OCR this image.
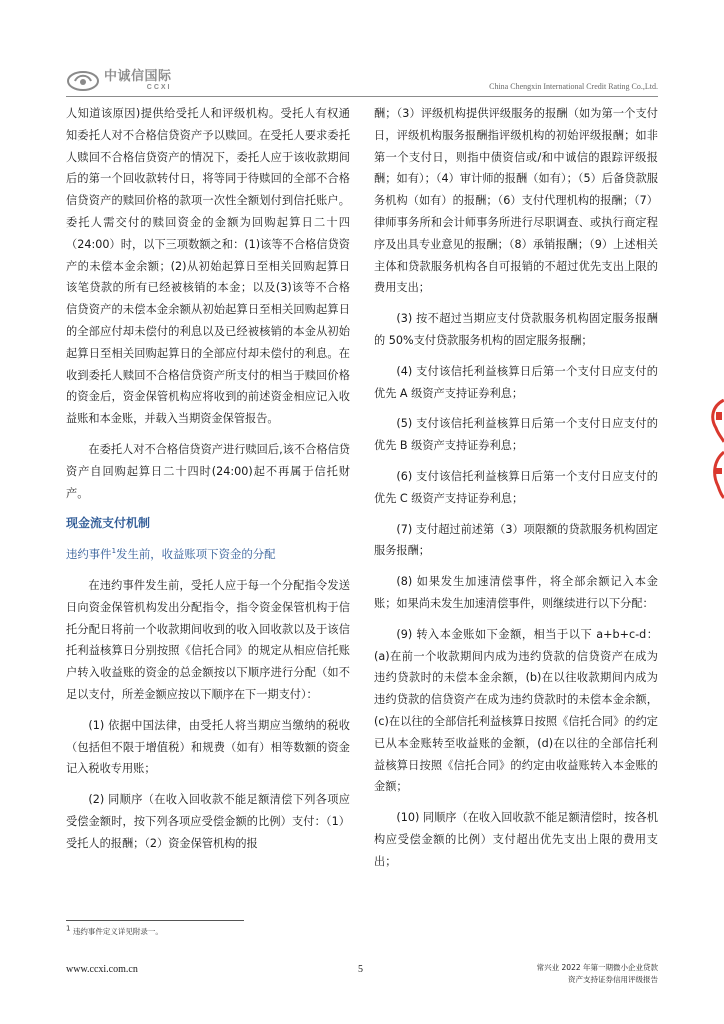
中诚信国际
CCXI	China Chengxin International Credit Rating Co.,Ltd.

人知道该原因)提供给受托人和评级机构。受托人有权通知委托人对不合格信贷资产予以赎回。在受托人要求委托人赎回不合格信贷资产的情况下，委托人应于该收款期间后的第一个回收款转付日，将等同于待赎回的全部不合格信贷资产的赎回价格的款项一次性全额划付到信托账户。委托人需交付的赎回资金的金额为回购起算日二十四（24:00）时，以下三项数额之和：(1)该等不合格信贷资产的未偿本金余额；(2)从初始起算日至相关回购起算日该笔贷款的所有已经被核销的本金；以及(3)该等不合格信贷资产的未偿本金余额从初始起算日至相关回购起算日的全部应付却未偿付的利息以及已经被核销的本金从初始起算日至相关回购起算日的全部应付却未偿付的利息。在收到委托人赎回不合格信贷资产所支付的相当于赎回价格的资金后，资金保管机构应将收到的前述资金相应记入收益账和本金账，并载入当期资金保管报告。

在委托人对不合格信贷资产进行赎回后,该不合格信贷资产自回购起算日二十四时(24:00)起不再属于信托财产。

现金流支付机制
违约事件$^1$发生前，收益账项下资金的分配

在违约事件发生前，受托人应于每一个分配指令发送日向资金保管机构发出分配指令，指令资金保管机构于信托分配日将前一个收款期间收到的收入回收款以及于该信托利益核算日分别按照《信托合同》的规定从相应信托账户转入收益账的资金的总金额按以下顺序进行分配（如不足以支付，所差金额应按以下顺序在下一期支付）：

(1) 依据中国法律，由受托人将当期应当缴纳的税收（包括但不限于增值税）和规费（如有）相等数额的资金记入税收专用账；

(2) 同顺序（在收入回收款不能足额清偿下列各项应受偿金额时，按下列各项应受偿金额的比例）支付：（1）受托人的报酬；（2）资金保管机构的报

酬；（3）评级机构提供评级服务的报酬（如为第一个支付日，评级机构服务报酬指评级机构的初始评级报酬；如非第一个支付日，则指中债资信或/和中诚信的跟踪评级报酬；如有）；（4）审计师的报酬（如有）；（5）后备贷款服务机构（如有）的报酬；（6）支付代理机构的报酬；（7）律师事务所和会计师事务所进行尽职调查、或执行商定程序及出具专业意见的报酬；（8）承销报酬；（9）上述相关主体和贷款服务机构各自可报销的不超过优先支出上限的费用支出；

(3) 按不超过当期应支付贷款服务机构固定服务报酬的 50%支付贷款服务机构的固定服务报酬；

(4) 支付该信托利益核算日后第一个支付日应支付的优先 A 级资产支持证券利息；

(5) 支付该信托利益核算日后第一个支付日应支付的优先 B 级资产支持证券利息；

(6) 支付该信托利益核算日后第一个支付日应支付的优先 C 级资产支持证券利息；

(7) 支付超过前述第（3）项限额的贷款服务机构固定服务报酬；

(8) 如果发生加速清偿事件，将全部余额记入本金账；如果尚未发生加速清偿事件，则继续进行以下分配：

(9) 转入本金账如下金额，相当于以下 a+b+c-d：(a)在前一个收款期间内成为违约贷款的信贷资产在成为违约贷款时的未偿本金余额，(b)在以往收款期间内成为违约贷款的信贷资产在成为违约贷款时的未偿本金余额，(c)在以往的全部信托利益核算日按照《信托合同》的约定已从本金账转至收益账的金额，(d)在以往的全部信托利益核算日按照《信托合同》的约定由收益账转入本金账的金额；

(10) 同顺序（在收入回收款不能足额清偿时，按各机构应受偿金额的比例）支付超出优先支出上限的费用支出；

$^1$ 违约事件定义详见附录一。
www.ccxi.com.cn	5	常兴业 2022 年第一期微小企业贷款
资产支持证券信用评级报告
